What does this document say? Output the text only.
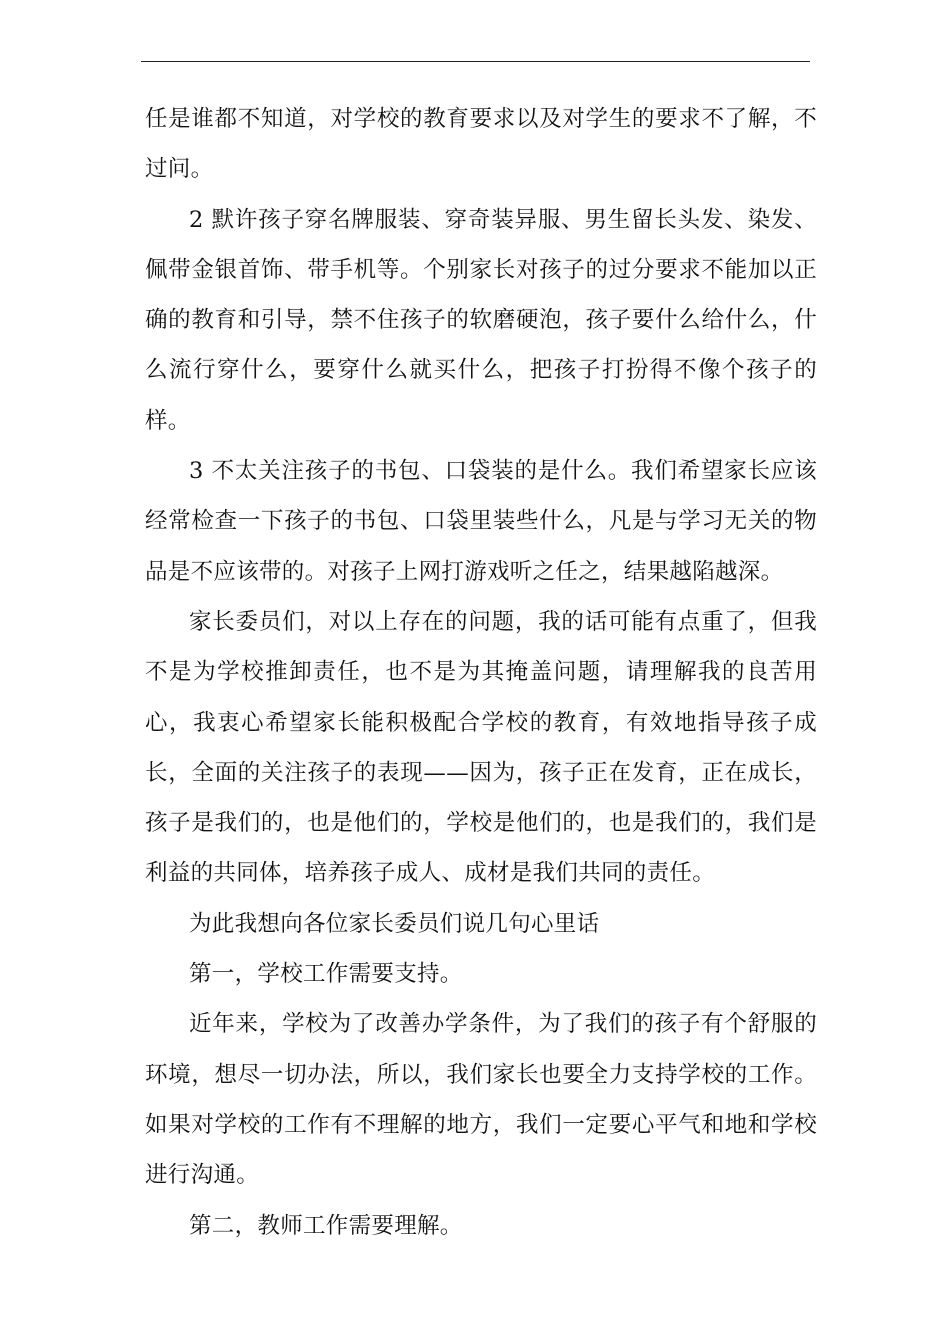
任是谁都不知道，对学校的教育要求以及对学生的要求不了解，不过问。

2 默许孩子穿名牌服装、穿奇装异服、男生留长头发、染发、佩带金银首饰、带手机等。个别家长对孩子的过分要求不能加以正确的教育和引导，禁不住孩子的软磨硬泡，孩子要什么给什么，什么流行穿什么，要穿什么就买什么，把孩子打扮得不像个孩子的样。

3 不太关注孩子的书包、口袋装的是什么。我们希望家长应该经常检查一下孩子的书包、口袋里装些什么，凡是与学习无关的物品是不应该带的。对孩子上网打游戏听之任之，结果越陷越深。

家长委员们，对以上存在的问题，我的话可能有点重了，但我不是为学校推卸责任，也不是为其掩盖问题，请理解我的良苦用心，我衷心希望家长能积极配合学校的教育，有效地指导孩子成长，全面的关注孩子的表现——因为，孩子正在发育，正在成长，孩子是我们的，也是他们的，学校是他们的，也是我们的，我们是利益的共同体，培养孩子成人、成材是我们共同的责任。

为此我想向各位家长委员们说几句心里话

第一，学校工作需要支持。

近年来，学校为了改善办学条件，为了我们的孩子有个舒服的环境，想尽一切办法，所以，我们家长也要全力支持学校的工作。如果对学校的工作有不理解的地方，我们一定要心平气和地和学校进行沟通。

第二，教师工作需要理解。
